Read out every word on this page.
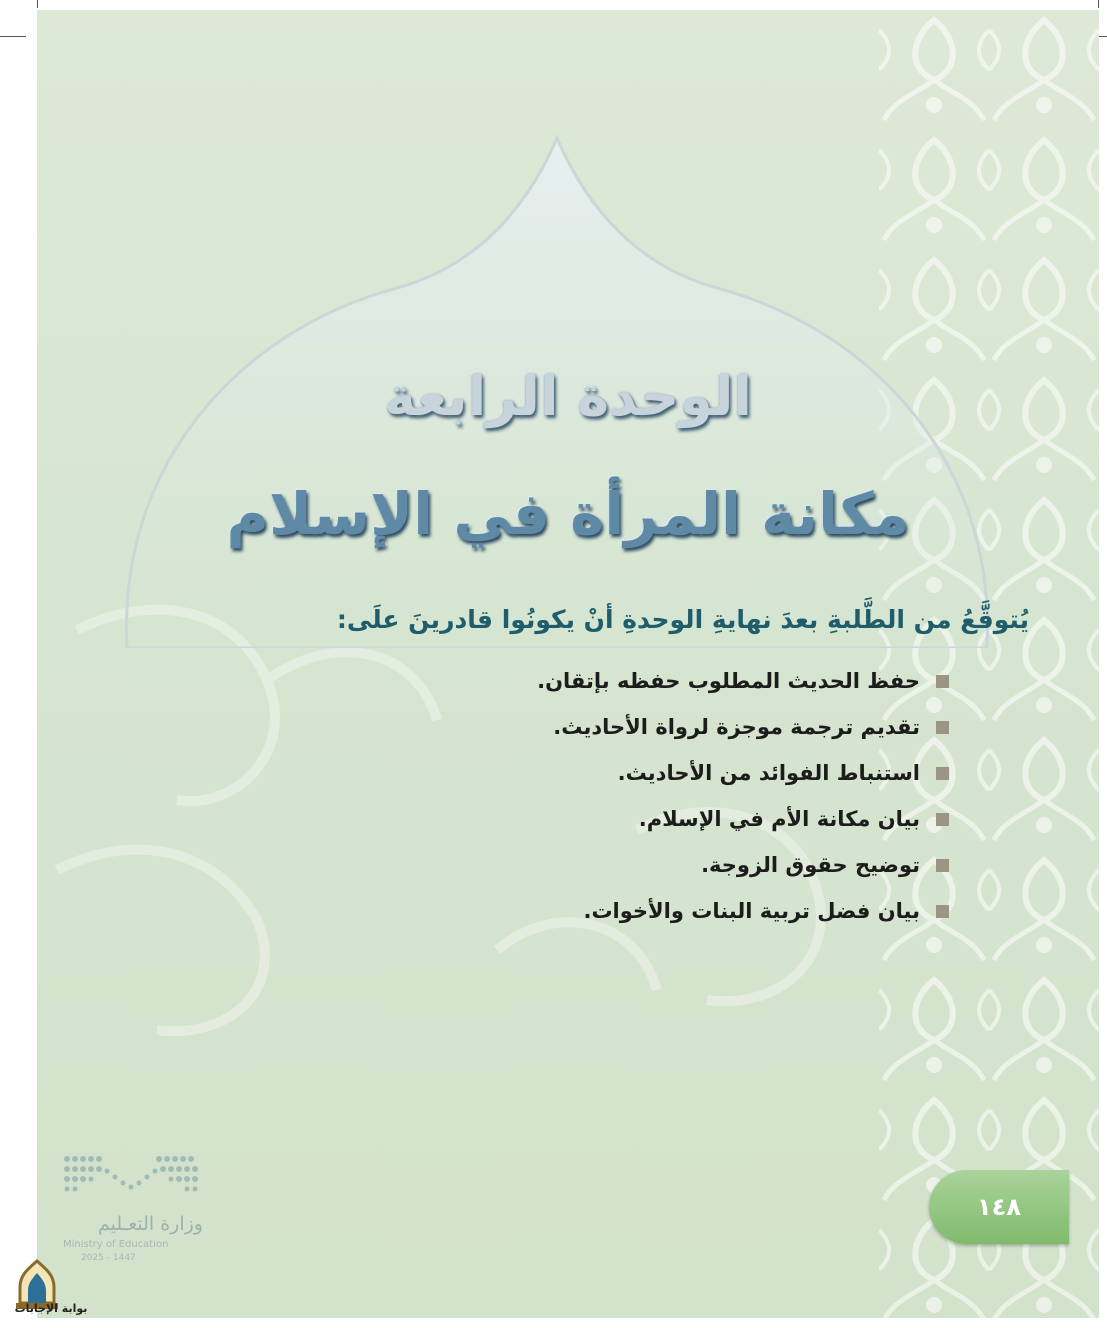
الوحدة الرابعة
مكانة المرأة في الإسلام
يُتوقَّعُ من الطَّلبةِ بعدَ نهايةِ الوحدةِ أنْ يكونُوا قادرينَ علَى:
حفظ الحديث المطلوب حفظه بإتقان.
تقديم ترجمة موجزة لرواة الأحاديث.
استنباط الفوائد من الأحاديث.
بيان مكانة الأم في الإسلام.
توضيح حقوق الزوجة.
بيان فضل تربية البنات والأخوات.
١٤٨
وزارة التعـليم
Ministry of Education
2025 - 1447
بوابة الإجابات
